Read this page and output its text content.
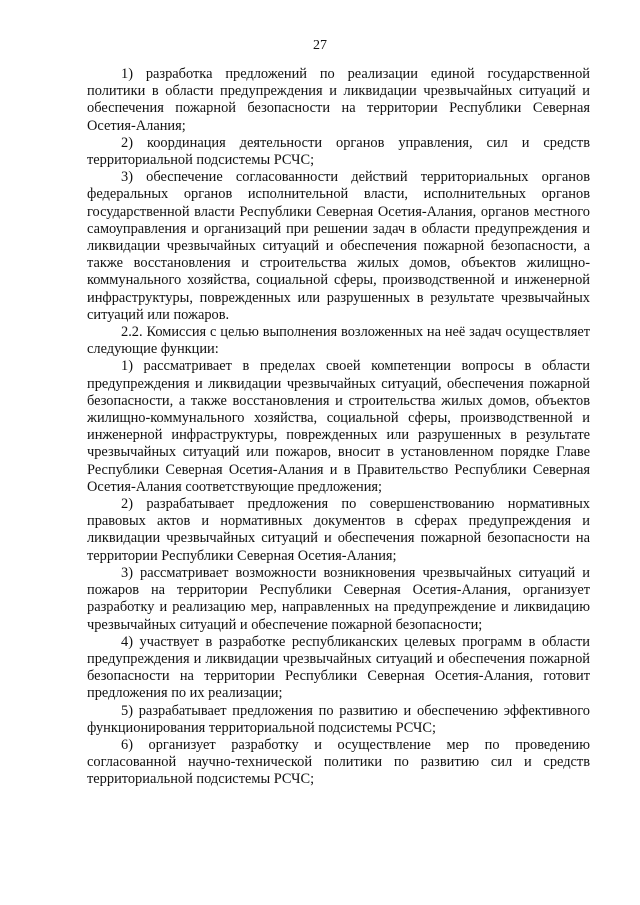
27

1) разработка предложений по реализации единой государственной политики в области предупреждения и ликвидации чрезвычайных ситуаций и обеспечения пожарной безопасности на территории Республики Северная Осетия-Алания;

2) координация деятельности органов управления, сил и средств территориальной подсистемы РСЧС;

3) обеспечение согласованности действий территориальных органов федеральных органов исполнительной власти, исполнительных органов государственной власти Республики Северная Осетия-Алания, органов местного самоуправления и организаций при решении задач в области предупреждения и ликвидации чрезвычайных ситуаций и обеспечения пожарной безопасности, а также восстановления и строительства жилых домов, объектов жилищно-коммунального хозяйства, социальной сферы, производственной и инженерной инфраструктуры, поврежденных или разрушенных в результате чрезвычайных ситуаций или пожаров.

2.2. Комиссия с целью выполнения возложенных на неё задач осуществляет следующие функции:

1) рассматривает в пределах своей компетенции вопросы в области предупреждения и ликвидации чрезвычайных ситуаций, обеспечения пожарной безопасности, а также восстановления и строительства жилых домов, объектов жилищно-коммунального хозяйства, социальной сферы, производственной и инженерной инфраструктуры, поврежденных или разрушенных в результате чрезвычайных ситуаций или пожаров, вносит в установленном порядке Главе Республики Северная Осетия-Алания и в Правительство Республики Северная Осетия-Алания соответствующие предложения;

2) разрабатывает предложения по совершенствованию нормативных правовых актов и нормативных документов в сферах предупреждения и ликвидации чрезвычайных ситуаций и обеспечения пожарной безопасности на территории Республики Северная Осетия-Алания;

3) рассматривает возможности возникновения чрезвычайных ситуаций и пожаров на территории Республики Северная Осетия-Алания, организует разработку и реализацию мер, направленных на предупреждение и ликвидацию чрезвычайных ситуаций и обеспечение пожарной безопасности;

4) участвует в разработке республиканских целевых программ в области предупреждения и ликвидации чрезвычайных ситуаций и обеспечения пожарной безопасности на территории Республики Северная Осетия-Алания, готовит предложения по их реализации;

5) разрабатывает предложения по развитию и обеспечению эффективного функционирования территориальной подсистемы РСЧС;

6) организует разработку и осуществление мер по проведению согласованной научно-технической политики по развитию сил и средств территориальной подсистемы РСЧС;
